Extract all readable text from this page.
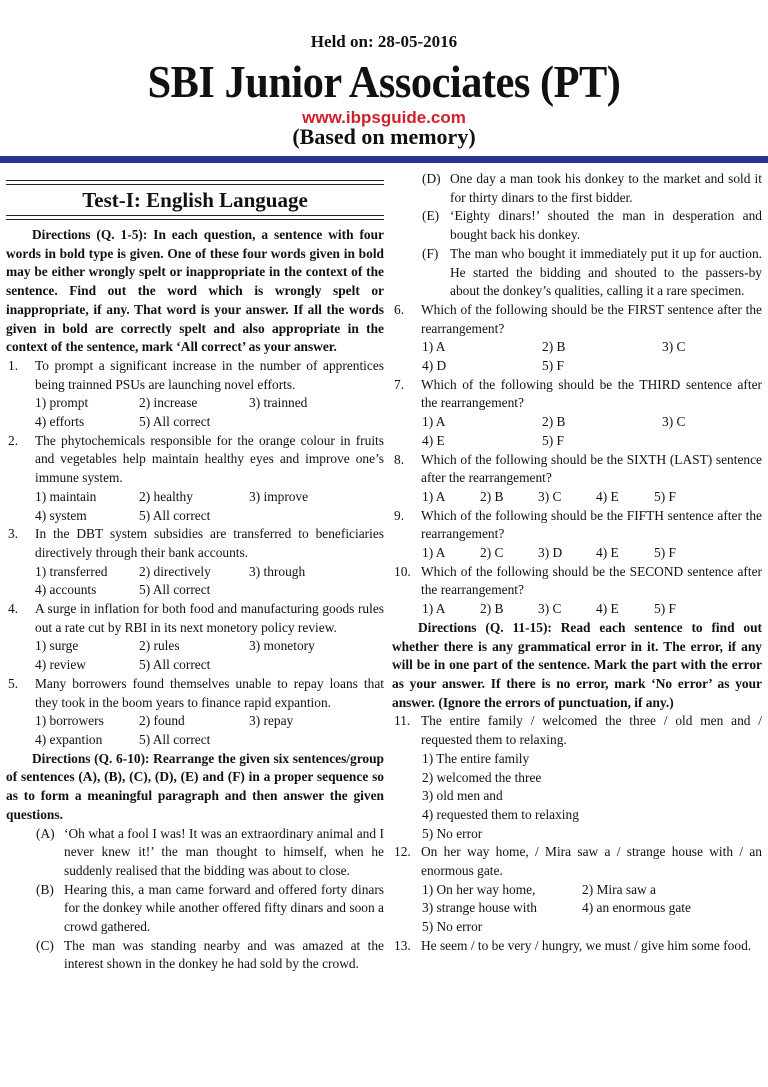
Held on: 28-05-2016
SBI Junior Associates (PT)
www.ibpsguide.com
(Based on memory)
Test-I: English Language
Directions (Q. 1-5): In each question, a sentence with four words in bold type is given. One of these four words given in bold may be either wrongly spelt or inappropriate in the context of the sentence. Find out the word which is wrongly spelt or inappropriate, if any. That word is your answer. If all the words given in bold are correctly spelt and also appropriate in the context of the sentence, mark ‘All correct’ as your answer.
1. To prompt a significant increase in the number of apprentices being trainned PSUs are launching novel efforts.
1) prompt	2) increase	3) trainned
4) efforts	5) All correct
2. The phytochemicals responsible for the orange colour in fruits and vegetables help maintain healthy eyes and improve one’s immune system.
1) maintain	2) healthy	3) improve
4) system	5) All correct
3. In the DBT system subsidies are transferred to beneficiaries directively through their bank accounts.
1) transferred	2) directively	3) through
4) accounts	5) All correct
4. A surge in inflation for both food and manufacturing goods rules out a rate cut by RBI in its next monetory policy review.
1) surge	2) rules	3) monetory
4) review	5) All correct
5. Many borrowers found themselves unable to repay loans that they took in the boom years to finance rapid expantion.
1) borrowers	2) found	3) repay
4) expantion	5) All correct
Directions (Q. 6-10): Rearrange the given six sentences/group of sentences (A), (B), (C), (D), (E) and (F) in a proper sequence so as to form a meaningful paragraph and then answer the given questions.
(A) ‘Oh what a fool I was! It was an extraordinary animal and I never knew it!’ the man thought to himself, when he suddenly realised that the bidding was about to close.
(B) Hearing this, a man came forward and offered forty dinars for the donkey while another offered fifty dinars and soon a crowd gathered.
(C) The man was standing nearby and was amazed at the interest shown in the donkey he had sold by the crowd.
(D) One day a man took his donkey to the market and sold it for thirty dinars to the first bidder.
(E) ‘Eighty dinars!’ shouted the man in desperation and bought back his donkey.
(F) The man who bought it immediately put it up for auction. He started the bidding and shouted to the passers-by about the donkey’s qualities, calling it a rare specimen.
6. Which of the following should be the FIRST sentence after the rearrangement?
1) A	2) B	3) C
4) D	5) F
7. Which of the following should be the THIRD sentence after the rearrangement?
1) A	2) B	3) C
4) E	5) F
8. Which of the following should be the SIXTH (LAST) sentence after the rearrangement?
1) A	2) B	3) C	4) E	5) F
9. Which of the following should be the FIFTH sentence after the rearrangement?
1) A	2) C	3) D	4) E	5) F
10. Which of the following should be the SECOND sentence after the rearrangement?
1) A	2) B	3) C	4) E	5) F
Directions (Q. 11-15): Read each sentence to find out whether there is any grammatical error in it. The error, if any will be in one part of the sentence. Mark the part with the error as your answer. If there is no error, mark ‘No error’ as your answer. (Ignore the errors of punctuation, if any.)
11. The entire family / welcomed the three / old men and / requested them to relaxing.
1) The entire family
2) welcomed the three
3) old men and
4) requested them to relaxing
5) No error
12. On her way home, / Mira saw a / strange house with / an enormous gate.
1) On her way home,	2) Mira saw a
3) strange house with	4) an enormous gate
5) No error
13. He seem / to be very / hungry, we must / give him some food.
